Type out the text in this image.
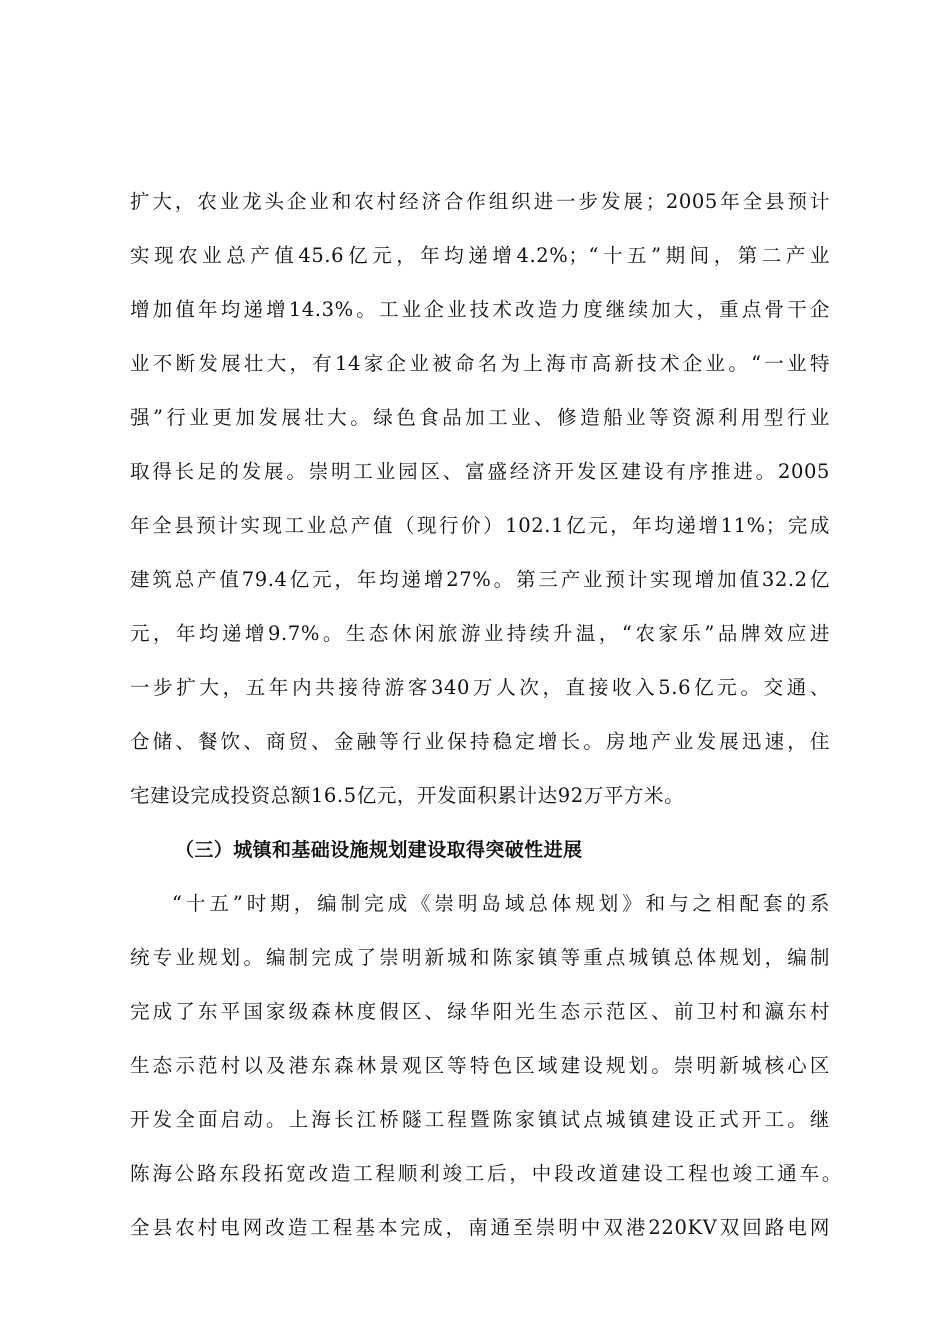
扩大，农业龙头企业和农村经济合作组织进一步发展；2005年全县预计
实现农业总产值45.6亿元，年均递增4.2%；“十五”期间，第二产业
增加值年均递增14.3%。工业企业技术改造力度继续加大，重点骨干企
业不断发展壮大，有14家企业被命名为上海市高新技术企业。“一业特
强”行业更加发展壮大。绿色食品加工业、修造船业等资源利用型行业
取得长足的发展。崇明工业园区、富盛经济开发区建设有序推进。2005
年全县预计实现工业总产值（现行价）102.1亿元，年均递增11%；完成
建筑总产值79.4亿元，年均递增27%。第三产业预计实现增加值32.2亿
元，年均递增9.7%。生态休闲旅游业持续升温，“农家乐”品牌效应进
一步扩大，五年内共接待游客340万人次，直接收入5.6亿元。交通、
仓储、餐饮、商贸、金融等行业保持稳定增长。房地产业发展迅速，住
宅建设完成投资总额16.5亿元，开发面积累计达92万平方米。
（三）城镇和基础设施规划建设取得突破性进展
“十五”时期，编制完成《崇明岛域总体规划》和与之相配套的系
统专业规划。编制完成了崇明新城和陈家镇等重点城镇总体规划，编制
完成了东平国家级森林度假区、绿华阳光生态示范区、前卫村和瀛东村
生态示范村以及港东森林景观区等特色区域建设规划。崇明新城核心区
开发全面启动。上海长江桥隧工程暨陈家镇试点城镇建设正式开工。继
陈海公路东段拓宽改造工程顺利竣工后，中段改道建设工程也竣工通车。
全县农村电网改造工程基本完成，南通至崇明中双港220KV双回路电网
